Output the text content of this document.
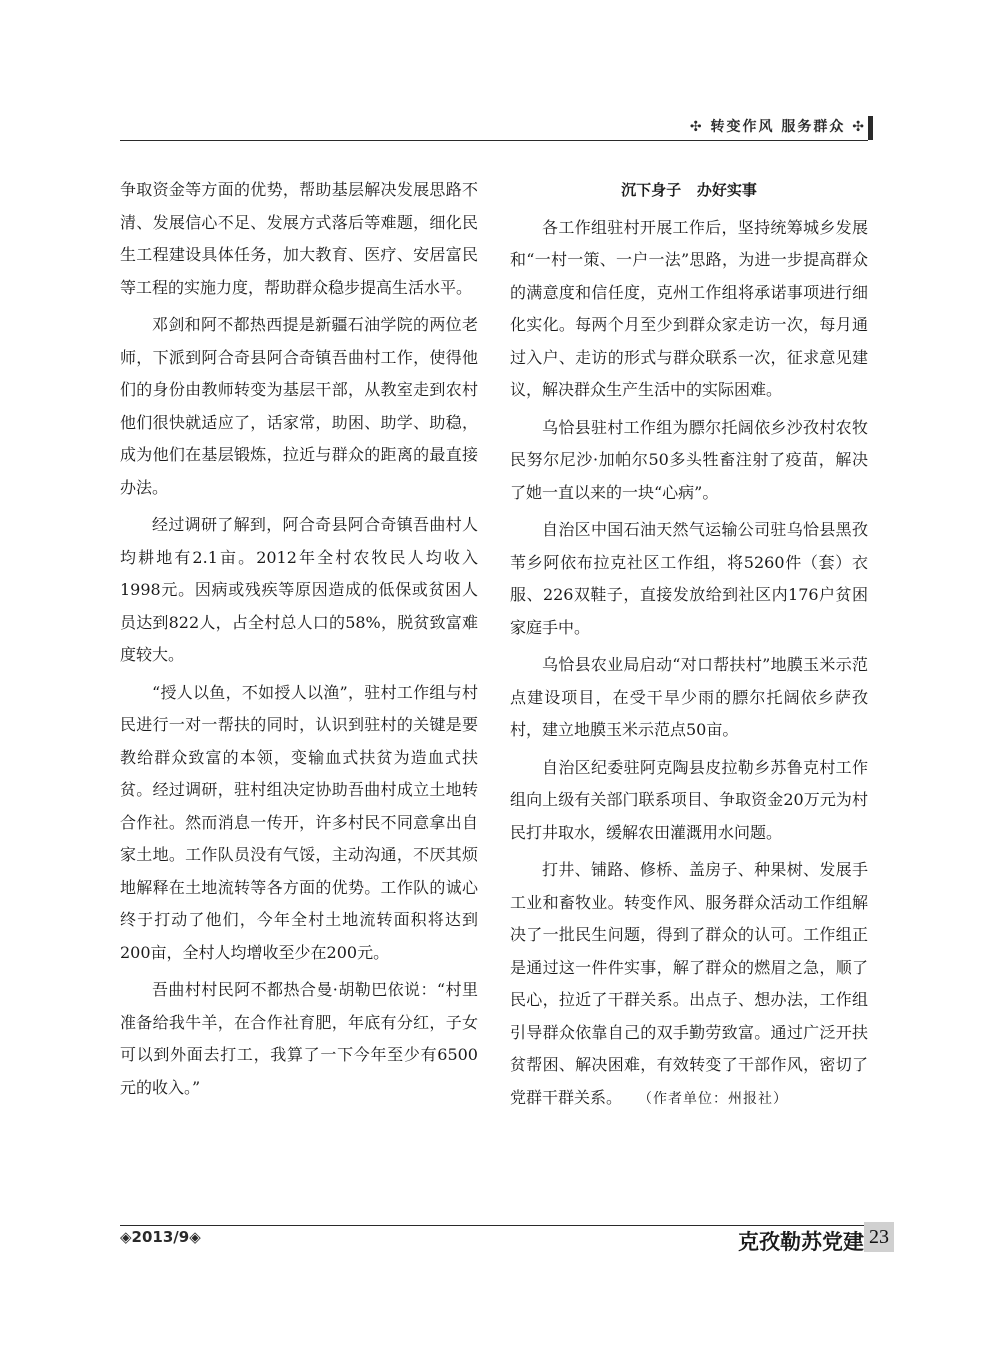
✣ 转变作风 服务群众 ✣

争取资金等方面的优势，帮助基层解决发展思路不清、发展信心不足、发展方式落后等难题，细化民生工程建设具体任务，加大教育、医疗、安居富民等工程的实施力度，帮助群众稳步提高生活水平。

邓剑和阿不都热西提是新疆石油学院的两位老师，下派到阿合奇县阿合奇镇吾曲村工作，使得他们的身份由教师转变为基层干部，从教室走到农村他们很快就适应了，话家常，助困、助学、助稳，成为他们在基层锻炼，拉近与群众的距离的最直接办法。

经过调研了解到，阿合奇县阿合奇镇吾曲村人均耕地有2.1亩。2012年全村农牧民人均收入1998元。因病或残疾等原因造成的低保或贫困人员达到822人，占全村总人口的58%，脱贫致富难度较大。

“授人以鱼，不如授人以渔”，驻村工作组与村民进行一对一帮扶的同时，认识到驻村的关键是要教给群众致富的本领，变输血式扶贫为造血式扶贫。经过调研，驻村组决定协助吾曲村成立土地转合作社。然而消息一传开，许多村民不同意拿出自家土地。工作队员没有气馁，主动沟通，不厌其烦地解释在土地流转等各方面的优势。工作队的诚心终于打动了他们，今年全村土地流转面积将达到200亩，全村人均增收至少在200元。

吾曲村村民阿不都热合曼·胡勒巴依说：“村里准备给我牛羊，在合作社育肥，年底有分红，子女可以到外面去打工，我算了一下今年至少有6500元的收入。”

沉下身子   办好实事

各工作组驻村开展工作后，坚持统筹城乡发展和“一村一策、一户一法”思路，为进一步提高群众的满意度和信任度，克州工作组将承诺事项进行细化实化。每两个月至少到群众家走访一次，每月通过入户、走访的形式与群众联系一次，征求意见建议，解决群众生产生活中的实际困难。

乌恰县驻村工作组为膘尔托阔依乡沙孜村农牧民努尔尼沙·加帕尔50多头牲畜注射了疫苗，解决了她一直以来的一块“心病”。

自治区中国石油天然气运输公司驻乌恰县黑孜苇乡阿依布拉克社区工作组，将5260件（套）衣服、226双鞋子，直接发放给到社区内176户贫困家庭手中。

乌恰县农业局启动“对口帮扶村”地膜玉米示范点建设项目，在受干旱少雨的膘尔托阔依乡萨孜村，建立地膜玉米示范点50亩。

自治区纪委驻阿克陶县皮拉勒乡苏鲁克村工作组向上级有关部门联系项目、争取资金20万元为村民打井取水，缓解农田灌溉用水问题。

打井、铺路、修桥、盖房子、种果树、发展手工业和畜牧业。转变作风、服务群众活动工作组解决了一批民生问题，得到了群众的认可。工作组正是通过这一件件实事，解了群众的燃眉之急，顺了民心，拉近了干群关系。出点子、想办法，工作组引导群众依靠自己的双手勤劳致富。通过广泛开扶贫帮困、解决困难，有效转变了干部作风，密切了党群干群关系。  （作者单位：州报社）

◈2013/9◈	克孜勒苏党建 23
